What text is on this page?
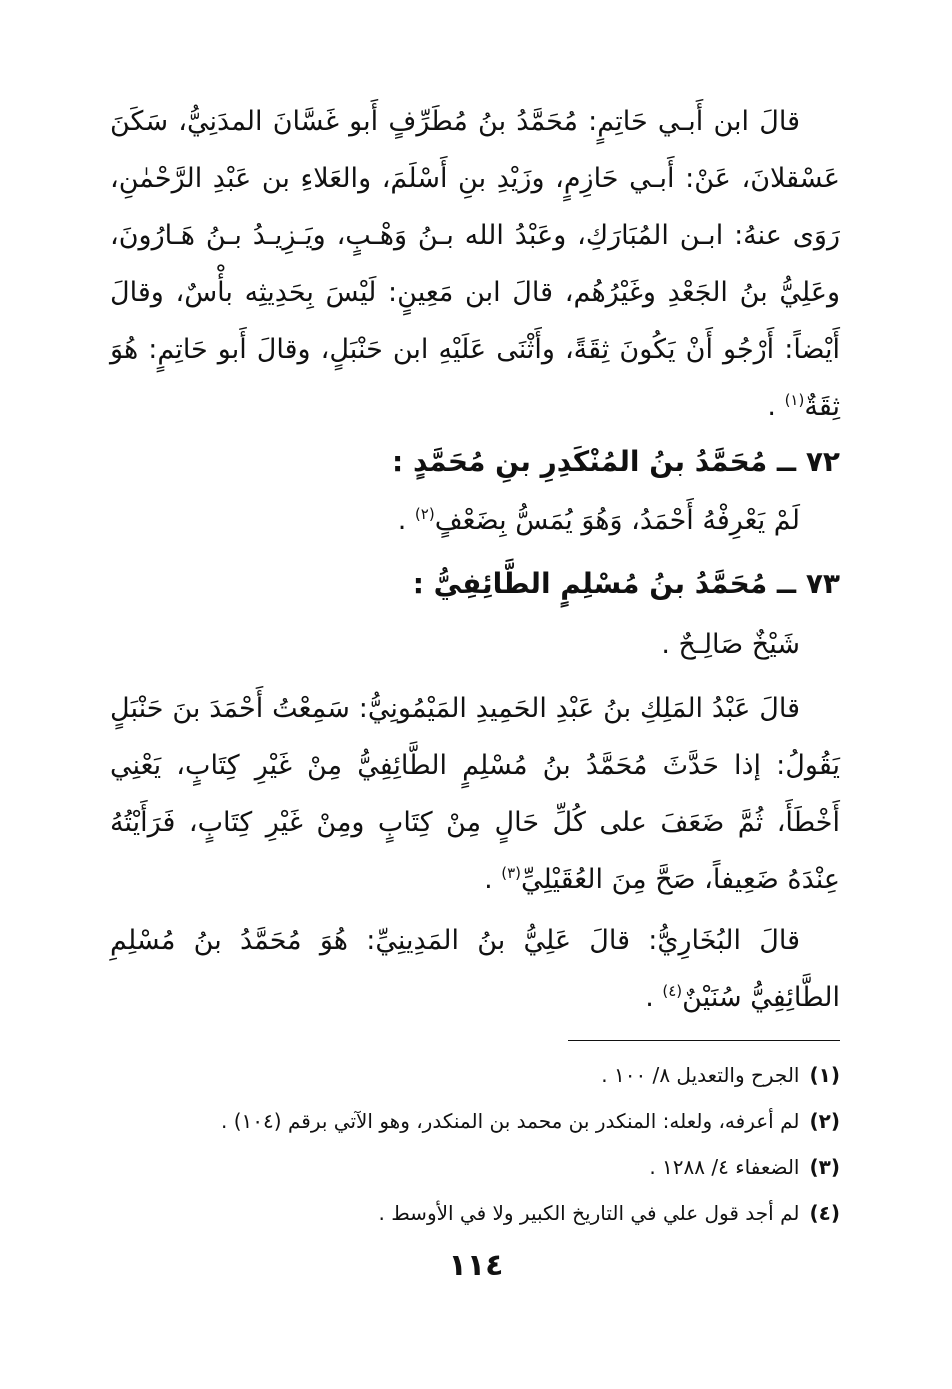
قالَ ابن أَبـي حَاتِمٍ: مُحَمَّدُ بنُ مُطَرِّفٍ أَبو غَسَّانَ المدَنِيُّ، سَكَنَ عَسْقلانَ، عَنْ: أَبـي حَازِمٍ، وزَيْدِ بنِ أَسْلَمَ، والعَلاءِ بن عَبْدِ الرَّحْمٰنِ، رَوَى عنهُ: ابـن المُبَارَكِ، وعَبْدُ الله بـنُ وَهْـبٍ، ويَـزِيـدُ بـنُ هَـارُونَ، وعَلِيُّ بنُ الجَعْدِ وغَيْرُهُم، قالَ ابن مَعِينٍ: لَيْسَ بِحَدِيثِه بأْسٌ، وقالَ أَيْضاً: أَرْجُو أَنْ يَكُونَ ثِقَةً، وأَثْنَى عَلَيْهِ ابن حَنْبَلٍ، وقالَ أَبو حَاتِمٍ: هُوَ ثِقَةٌ$^{(١)}$ .

٧٢ ــ مُحَمَّدُ بنُ المُنْكَدِرِ بنِ مُحَمَّدٍ :

لَمْ يَعْرِفْهُ أَحْمَدُ، وَهُوَ يُمَسُّ بِضَعْفٍ$^{(٢)}$ .

٧٣ ــ مُحَمَّدُ بنُ مُسْلِمٍ الطَّائِفِيُّ :

شَيْخٌ صَالِـحٌ .

قالَ عَبْدُ المَلِكِ بنُ عَبْدِ الحَمِيدِ المَيْمُونِيُّ: سَمِعْتُ أَحْمَدَ بنَ حَنْبَلٍ يَقُولُ: إذا حَدَّثَ مُحَمَّدُ بنُ مُسْلِمٍ الطَّائِفِيُّ مِنْ غَيْرِ كِتَابٍ، يَعْنِي أَخْطَأَ، ثُمَّ ضَعَفَ على كُلِّ حَالٍ مِنْ كِتَابٍ ومِنْ غَيْرِ كِتَابٍ، فَرَأَيْتُهُ عِنْدَهُ ضَعِيفاً، صَحَّ مِنَ العُقَيْلِيِّ$^{(٣)}$ .

قالَ البُخَارِيُّ: قالَ عَلِيُّ بنُ المَدِينِيِّ: هُوَ مُحَمَّدُ بنُ مُسْلِمِ الطَّائِفِيُّ سُنَيْنٌ$^{(٤)}$ .

(١)
الجرح والتعديل ٨/ ١٠٠ .
(٢)
لم أعرفه، ولعله: المنكدر بن محمد بن المنكدر، وهو الآتي برقم (١٠٤) .
(٣)
الضعفاء ٤/ ١٢٨٨ .
(٤)
لم أجد قول علي في التاريخ الكبير ولا في الأوسط .
١١٤
